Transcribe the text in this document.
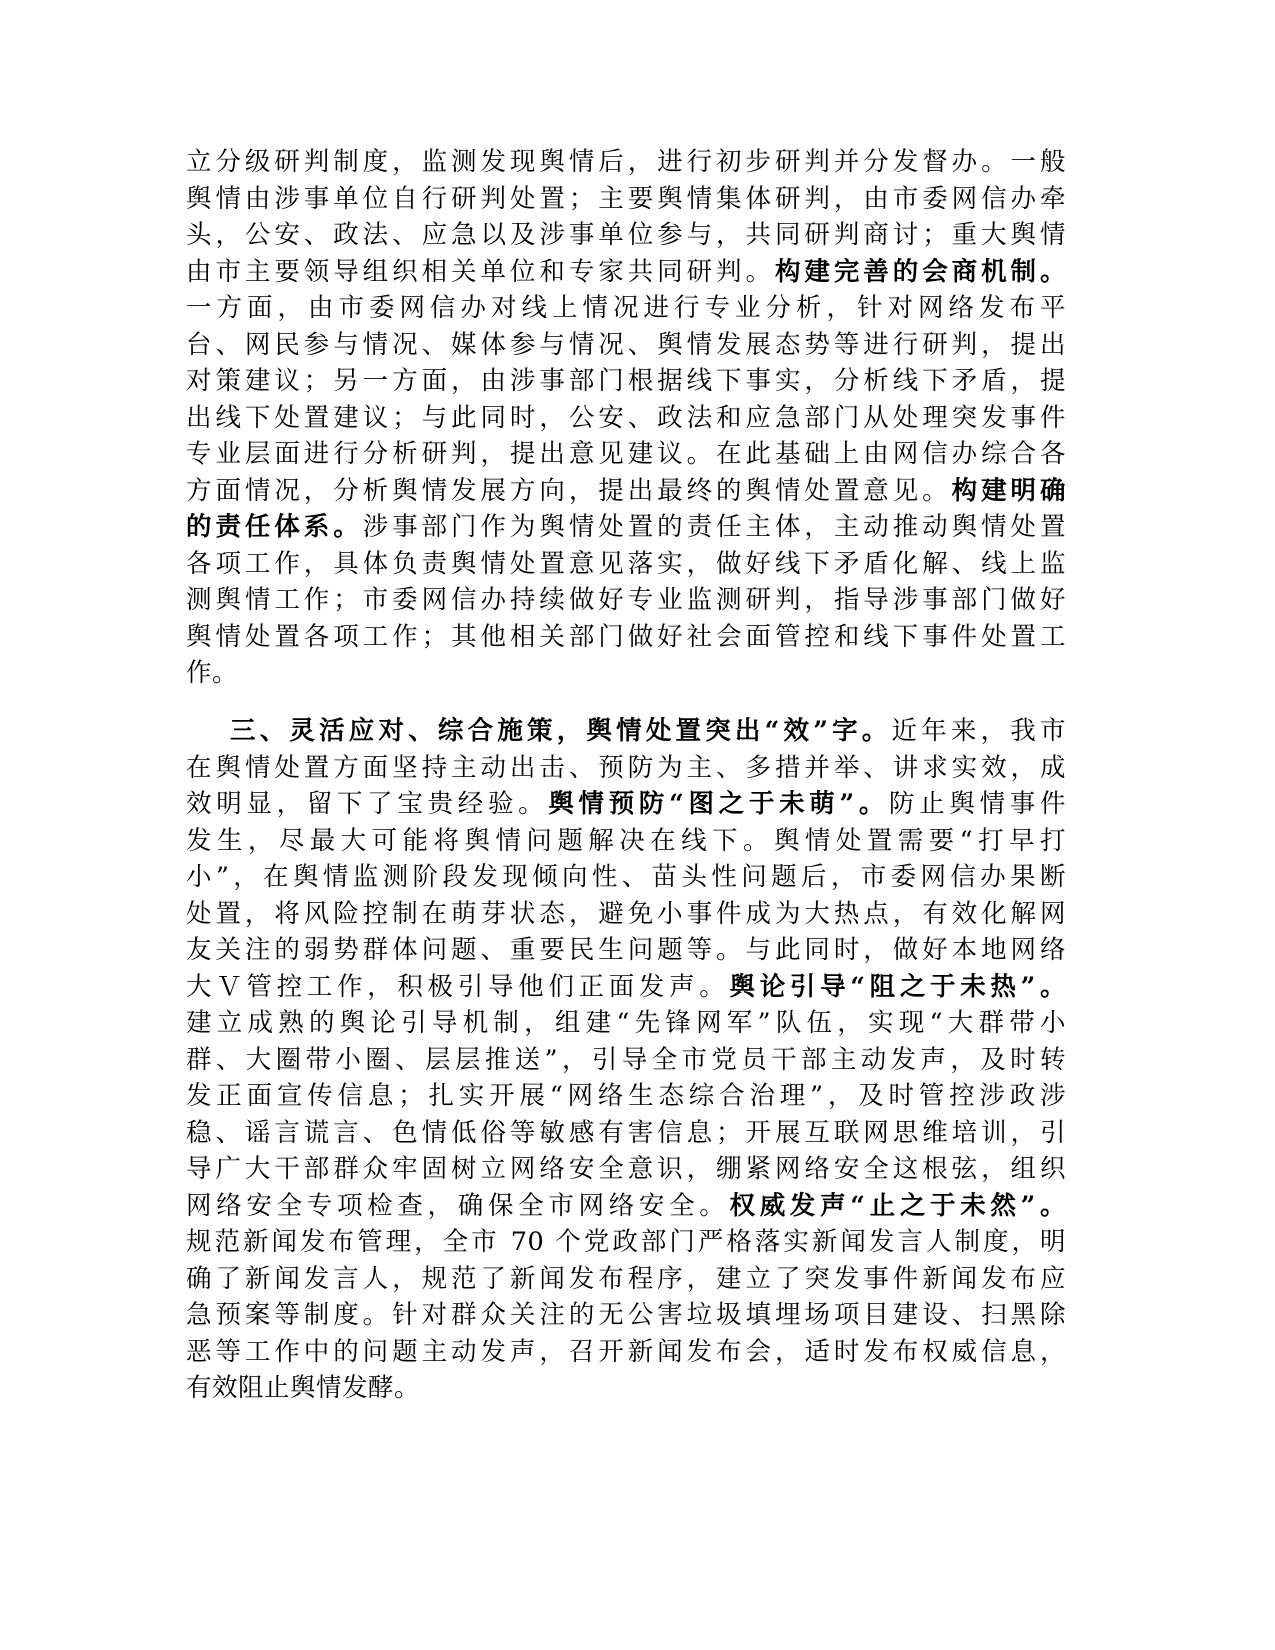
立分级研判制度，监测发现舆情后，进行初步研判并分发督办。一般
舆情由涉事单位自行研判处置；主要舆情集体研判，由市委网信办牵
头，公安、政法、应急以及涉事单位参与，共同研判商讨；重大舆情
由市主要领导组织相关单位和专家共同研判。构建完善的会商机制。
一方面，由市委网信办对线上情况进行专业分析，针对网络发布平
台、网民参与情况、媒体参与情况、舆情发展态势等进行研判，提出
对策建议；另一方面，由涉事部门根据线下事实，分析线下矛盾，提
出线下处置建议；与此同时，公安、政法和应急部门从处理突发事件
专业层面进行分析研判，提出意见建议。在此基础上由网信办综合各
方面情况，分析舆情发展方向，提出最终的舆情处置意见。构建明确
的责任体系。涉事部门作为舆情处置的责任主体，主动推动舆情处置
各项工作，具体负责舆情处置意见落实，做好线下矛盾化解、线上监
测舆情工作；市委网信办持续做好专业监测研判，指导涉事部门做好
舆情处置各项工作；其他相关部门做好社会面管控和线下事件处置工
作。
三、灵活应对、综合施策，舆情处置突出“效”字。近年来，我市
在舆情处置方面坚持主动出击、预防为主、多措并举、讲求实效，成
效明显，留下了宝贵经验。舆情预防“图之于未萌”。防止舆情事件
发生，尽最大可能将舆情问题解决在线下。舆情处置需要“打早打
小”，在舆情监测阶段发现倾向性、苗头性问题后，市委网信办果断
处置，将风险控制在萌芽状态，避免小事件成为大热点，有效化解网
友关注的弱势群体问题、重要民生问题等。与此同时，做好本地网络
大Ｖ管控工作，积极引导他们正面发声。舆论引导“阻之于未热”。
建立成熟的舆论引导机制，组建“先锋网军”队伍，实现“大群带小
群、大圈带小圈、层层推送”，引导全市党员干部主动发声，及时转
发正面宣传信息；扎实开展“网络生态综合治理”，及时管控涉政涉
稳、谣言谎言、色情低俗等敏感有害信息；开展互联网思维培训，引
导广大干部群众牢固树立网络安全意识，绷紧网络安全这根弦，组织
网络安全专项检查，确保全市网络安全。权威发声“止之于未然”。
规范新闻发布管理，全市 70 个党政部门严格落实新闻发言人制度，明
确了新闻发言人，规范了新闻发布程序，建立了突发事件新闻发布应
急预案等制度。针对群众关注的无公害垃圾填埋场项目建设、扫黑除
恶等工作中的问题主动发声，召开新闻发布会，适时发布权威信息，
有效阻止舆情发酵。
